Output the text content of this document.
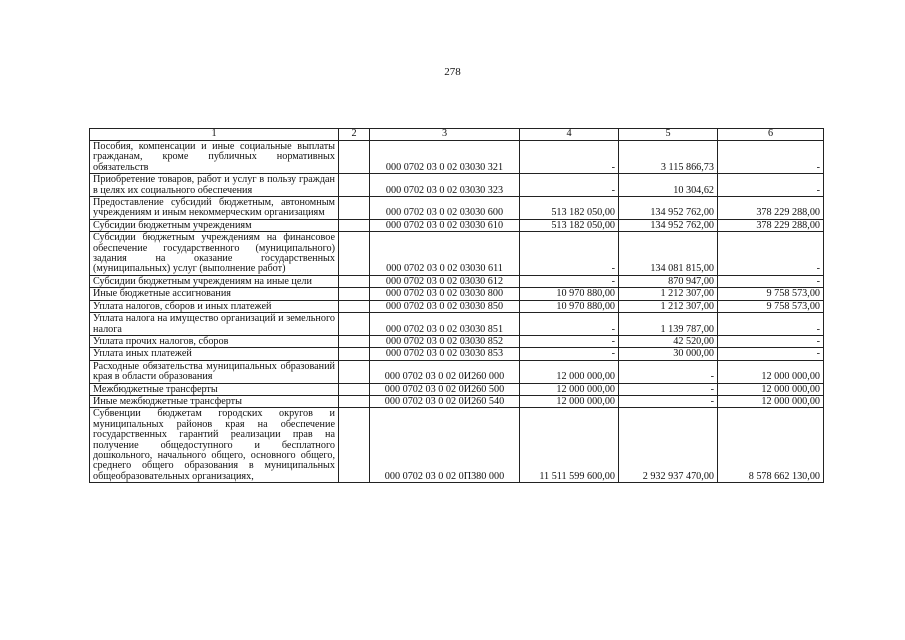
278
1	2	3	4	5	6
Пособия, компенсации и иные социальные выплаты гражданам, кроме публичных нормативных обязательств		000 0702 03 0 02 03030 321	-	3 115 866,73	-
Приобретение товаров, работ и услуг в пользу граждан в целях их социального обеспечения		000 0702 03 0 02 03030 323	-	10 304,62	-
Предоставление субсидий бюджетным, автономным учреждениям и иным некоммерческим организациям		000 0702 03 0 02 03030 600	513 182 050,00	134 952 762,00	378 229 288,00
Субсидии бюджетным учреждениям		000 0702 03 0 02 03030 610	513 182 050,00	134 952 762,00	378 229 288,00
Субсидии бюджетным учреждениям на финансовое обеспечение государственного (муниципального) задания на оказание государственных (муниципальных) услуг (выполнение работ)		000 0702 03 0 02 03030 611	-	134 081 815,00	-
Субсидии бюджетным учреждениям на иные цели		000 0702 03 0 02 03030 612	-	870 947,00	-
Иные бюджетные ассигнования		000 0702 03 0 02 03030 800	10 970 880,00	1 212 307,00	9 758 573,00
Уплата налогов, сборов и иных платежей		000 0702 03 0 02 03030 850	10 970 880,00	1 212 307,00	9 758 573,00
Уплата налога на имущество организаций и земельного налога		000 0702 03 0 02 03030 851	-	1 139 787,00	-
Уплата прочих налогов, сборов		000 0702 03 0 02 03030 852	-	42 520,00	-
Уплата иных платежей		000 0702 03 0 02 03030 853	-	30 000,00	-
Расходные обязательства муниципальных образований края в области образования		000 0702 03 0 02 0И260 000	12 000 000,00	-	12 000 000,00
Межбюджетные трансферты		000 0702 03 0 02 0И260 500	12 000 000,00	-	12 000 000,00
Иные межбюджетные трансферты		000 0702 03 0 02 0И260 540	12 000 000,00	-	12 000 000,00
Субвенции бюджетам городских округов и муниципальных районов края на обеспечение государственных гарантий реализации прав на получение общедоступного и бесплатного дошкольного, начального общего, основного общего, среднего общего образования в муниципальных общеобразовательных организациях,		000 0702 03 0 02 0П380 000	11 511 599 600,00	2 932 937 470,00	8 578 662 130,00
